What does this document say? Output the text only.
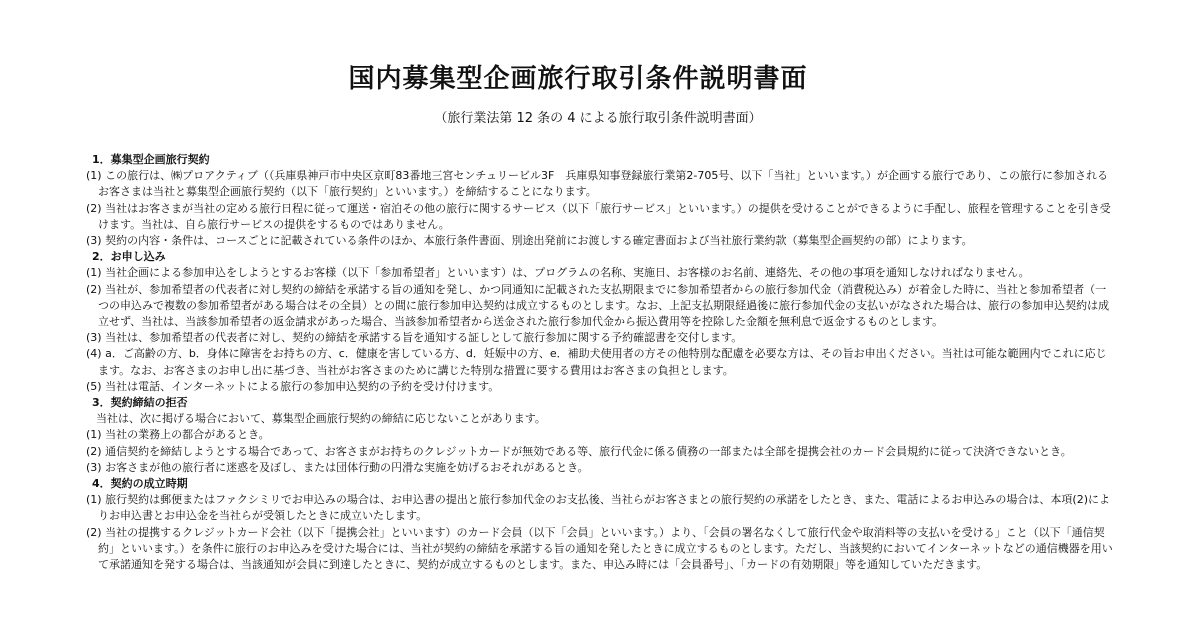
国内募集型企画旅行取引条件説明書面
（旅行業法第 12 条の 4 による旅行取引条件説明書面）
1．募集型企画旅行契約
(1) この旅行は、㈱プロアクティブ（（兵庫県神戸市中央区京町83番地三宮センチュリービル3F　兵庫県知事登録旅行業第2-705号、以下「当社」といいます。）が企画する旅行であり、この旅行に参加されるお客さまは当社と募集型企画旅行契約（以下「旅行契約」といいます。）を締結することになります。
(2) 当社はお客さまが当社の定める旅行日程に従って運送・宿泊その他の旅行に関するサービス（以下「旅行サービス」といいます。）の提供を受けることができるように手配し、旅程を管理することを引き受けます。当社は、自ら旅行サービスの提供をするものではありません。
(3) 契約の内容・条件は、コースごとに記載されている条件のほか、本旅行条件書面、別途出発前にお渡しする確定書面および当社旅行業約款（募集型企画契約の部）によります。
2．お申し込み
(1) 当社企画による参加申込をしようとするお客様（以下「参加希望者」といいます）は、プログラムの名称、実施日、お客様のお名前、連絡先、その他の事項を通知しなければなりません。
(2) 当社が、参加希望者の代表者に対し契約の締結を承諾する旨の通知を発し、かつ同通知に記載された支払期限までに参加希望者からの旅行参加代金（消費税込み）が着金した時に、当社と参加希望者（一つの申込みで複数の参加希望者がある場合はその全員）との間に旅行参加申込契約は成立するものとします。なお、上記支払期限経過後に旅行参加代金の支払いがなされた場合は、旅行の参加申込契約は成立せず、当社は、当該参加希望者の返金請求があった場合、当該参加希望者から送金された旅行参加代金から振込費用等を控除した金額を無利息で返金するものとします。
(3) 当社は、参加希望者の代表者に対し、契約の締結を承諾する旨を通知する証しとして旅行参加に関する予約確認書を交付します。
(4) a．ご高齢の方、b．身体に障害をお持ちの方、c．健康を害している方、d．妊娠中の方、e．補助犬使用者の方その他特別な配慮を必要な方は、その旨お申出ください。当社は可能な範囲内でこれに応じます。なお、お客さまのお申し出に基づき、当社がお客さまのために講じた特別な措置に要する費用はお客さまの負担とします。
(5) 当社は電話、インターネットによる旅行の参加申込契約の予約を受け付けます。
3．契約締結の拒否
当社は、次に掲げる場合において、募集型企画旅行契約の締結に応じないことがあります。
(1) 当社の業務上の都合があるとき。
(2) 通信契約を締結しようとする場合であって、お客さまがお持ちのクレジットカードが無効である等、旅行代金に係る債務の一部または全部を提携会社のカード会員規約に従って決済できないとき。
(3) お客さまが他の旅行者に迷惑を及ぼし、または団体行動の円滑な実施を妨げるおそれがあるとき。
4．契約の成立時期
(1) 旅行契約は郵便またはファクシミリでお申込みの場合は、お申込書の提出と旅行参加代金のお支払後、当社らがお客さまとの旅行契約の承諾をしたとき、また、電話によるお申込みの場合は、本項(2)によりお申込書とお申込金を当社らが受領したときに成立いたします。
(2) 当社の提携するクレジットカード会社（以下「提携会社」といいます）のカード会員（以下「会員」といいます。）より、「会員の署名なくして旅行代金や取消料等の支払いを受ける」こと（以下「通信契約」といいます。）を条件に旅行のお申込みを受けた場合には、当社が契約の締結を承諾する旨の通知を発したときに成立するものとします。ただし、当該契約においてインターネットなどの通信機器を用いて承諾通知を発する場合は、当該通知が会員に到達したときに、契約が成立するものとします。また、申込み時には「会員番号」、「カードの有効期限」等を通知していただきます。
